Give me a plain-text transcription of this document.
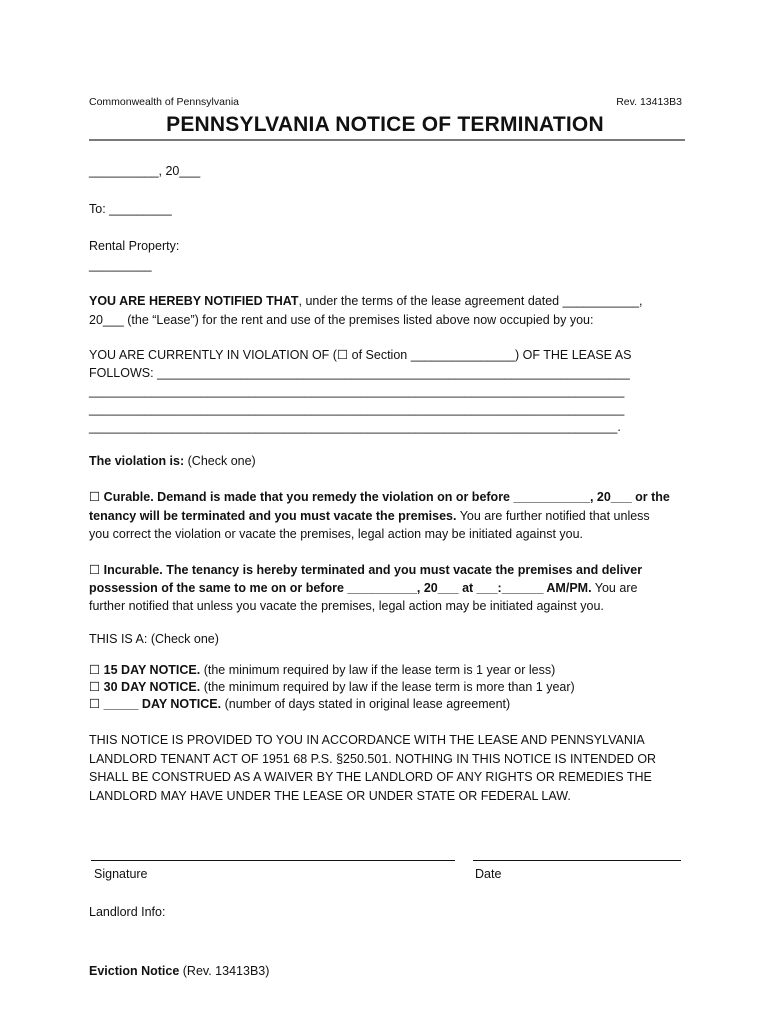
Commonwealth of Pennsylvania	Rev. 13413B3
PENNSYLVANIA NOTICE OF TERMINATION
__________, 20___
To: _________
Rental Property:
_________
YOU ARE HEREBY NOTIFIED THAT, under the terms of the lease agreement dated ___________,
20___ (the “Lease”) for the rent and use of the premises listed above now occupied by you:
YOU ARE CURRENTLY IN VIOLATION OF (☐ of Section _______________) OF THE LEASE AS
FOLLOWS: ____________________________________________________________________
_____________________________________________________________________________
_____________________________________________________________________________
____________________________________________________________________________.
The violation is: (Check one)
☐ Curable. Demand is made that you remedy the violation on or before ___________, 20___ or the
tenancy will be terminated and you must vacate the premises. You are further notified that unless
you correct the violation or vacate the premises, legal action may be initiated against you.
☐ Incurable. The tenancy is hereby terminated and you must vacate the premises and deliver
possession of the same to me on or before __________, 20___ at ___:______ AM/PM. You are
further notified that unless you vacate the premises, legal action may be initiated against you.
THIS IS A: (Check one)
☐ 15 DAY NOTICE. (the minimum required by law if the lease term is 1 year or less)
☐ 30 DAY NOTICE. (the minimum required by law if the lease term is more than 1 year)
☐ _____ DAY NOTICE. (number of days stated in original lease agreement)
THIS NOTICE IS PROVIDED TO YOU IN ACCORDANCE WITH THE LEASE AND PENNSYLVANIA
LANDLORD TENANT ACT OF 1951 68 P.S. §250.501. NOTHING IN THIS NOTICE IS INTENDED OR
SHALL BE CONSTRUED AS A WAIVER BY THE LANDLORD OF ANY RIGHTS OR REMEDIES THE
LANDLORD MAY HAVE UNDER THE LEASE OR UNDER STATE OR FEDERAL LAW.
Signature	Date
Landlord Info:
Eviction Notice (Rev. 13413B3)
